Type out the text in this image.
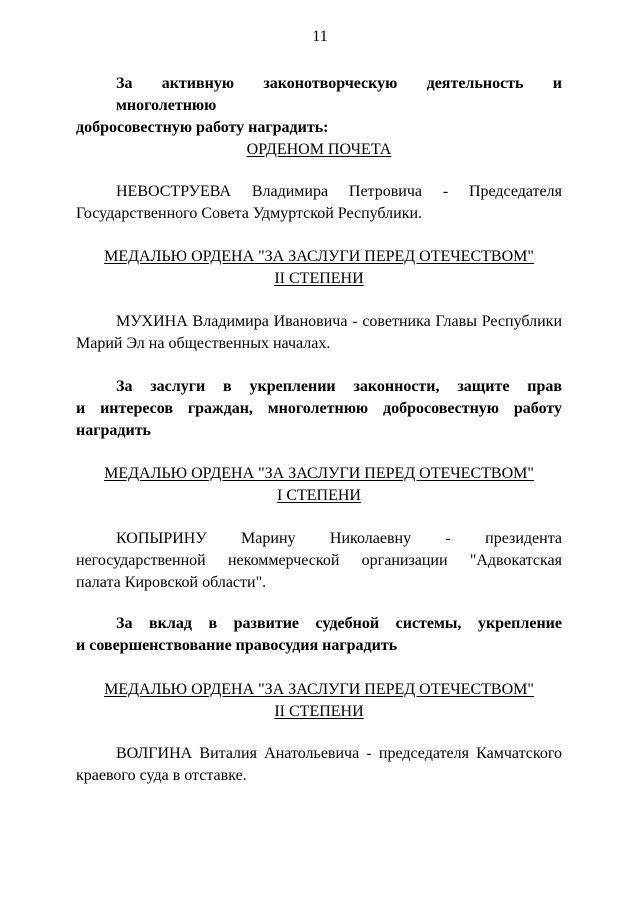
11
За активную законотворческую деятельность и многолетнюю
добросовестную работу наградить:
ОРДЕНОМ ПОЧЕТА
НЕВОСТРУЕВА Владимира Петровича - Председателя
Государственного Совета Удмуртской Республики.
МЕДАЛЬЮ ОРДЕНА "ЗА ЗАСЛУГИ ПЕРЕД ОТЕЧЕСТВОМ"
II СТЕПЕНИ
МУХИНА Владимира Ивановича - советника Главы Республики
Марий Эл на общественных началах.
За заслуги в укреплении законности, защите прав
и интересов граждан, многолетнюю добросовестную работу
наградить
МЕДАЛЬЮ ОРДЕНА "ЗА ЗАСЛУГИ ПЕРЕД ОТЕЧЕСТВОМ"
I СТЕПЕНИ
КОПЫРИНУ Марину Николаевну - президента
негосударственной некоммерческой организации "Адвокатская
палата Кировской области".
За вклад в развитие судебной системы, укрепление
и совершенствование правосудия наградить
МЕДАЛЬЮ ОРДЕНА "ЗА ЗАСЛУГИ ПЕРЕД ОТЕЧЕСТВОМ"
II СТЕПЕНИ
ВОЛГИНА Виталия Анатольевича - председателя Камчатского
краевого суда в отставке.
